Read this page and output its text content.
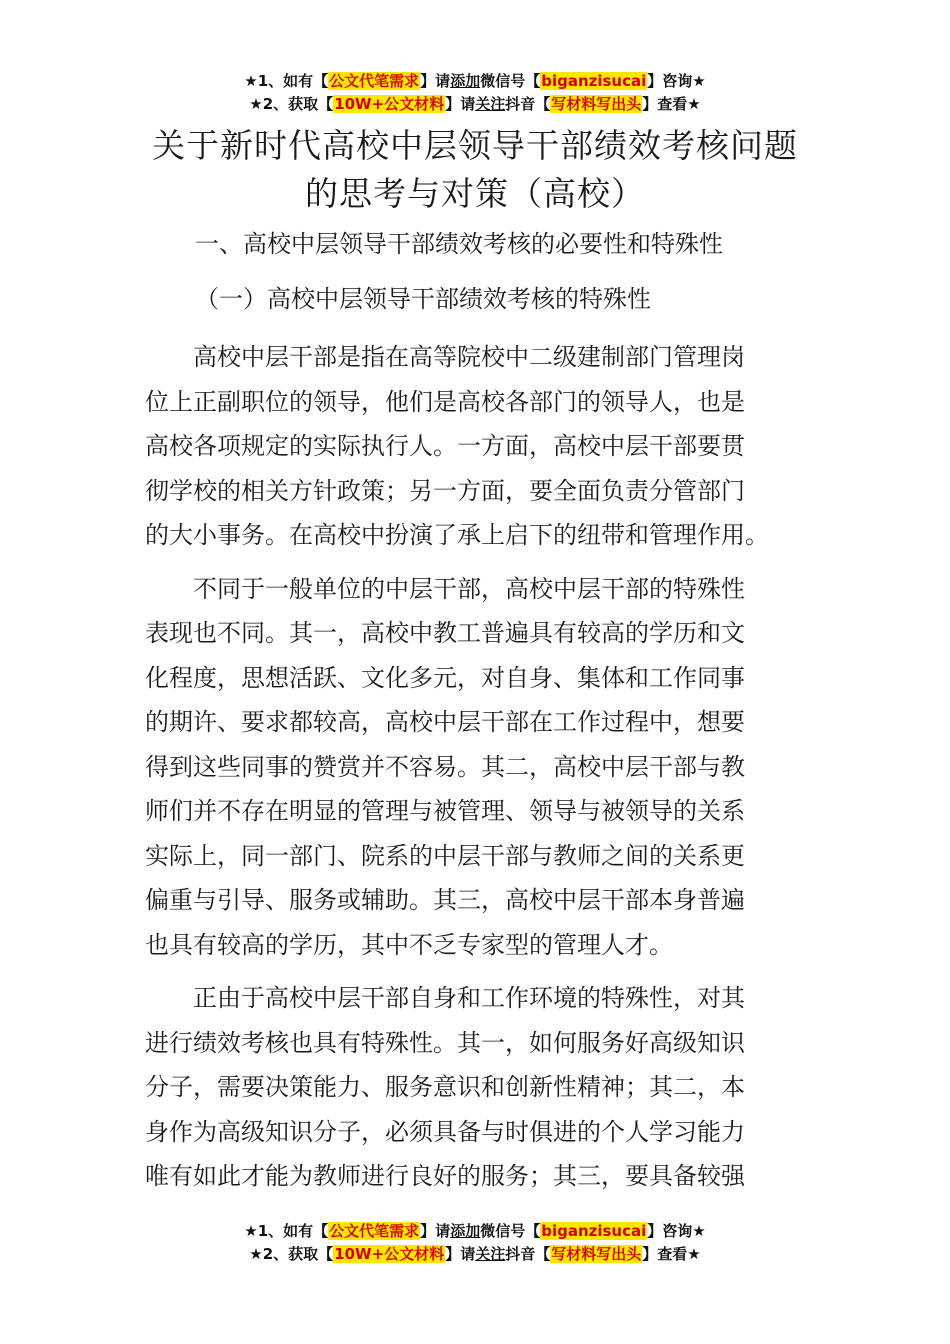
★1、如有【公文代笔需求】请添加微信号【biganzisucai】咨询★
★2、获取【10W+公文材料】请关注抖音【写材料写出头】查看★
关于新时代高校中层领导干部绩效考核问题
的思考与对策（高校）
一、高校中层领导干部绩效考核的必要性和特殊性
（一）高校中层领导干部绩效考核的特殊性
　　高校中层干部是指在高等院校中二级建制部门管理岗
位上正副职位的领导，他们是高校各部门的领导人，也是
高校各项规定的实际执行人。一方面，高校中层干部要贯
彻学校的相关方针政策；另一方面，要全面负责分管部门
的大小事务。在高校中扮演了承上启下的纽带和管理作用。
　　不同于一般单位的中层干部，高校中层干部的特殊性
表现也不同。其一，高校中教工普遍具有较高的学历和文
化程度，思想活跃、文化多元，对自身、集体和工作同事
的期许、要求都较高，高校中层干部在工作过程中，想要
得到这些同事的赞赏并不容易。其二，高校中层干部与教
师们并不存在明显的管理与被管理、领导与被领导的关系
实际上，同一部门、院系的中层干部与教师之间的关系更
偏重与引导、服务或辅助。其三，高校中层干部本身普遍
也具有较高的学历，其中不乏专家型的管理人才。
　　正由于高校中层干部自身和工作环境的特殊性，对其
进行绩效考核也具有特殊性。其一，如何服务好高级知识
分子，需要决策能力、服务意识和创新性精神；其二，本
身作为高级知识分子，必须具备与时俱进的个人学习能力
唯有如此才能为教师进行良好的服务；其三，要具备较强
★1、如有【公文代笔需求】请添加微信号【biganzisucai】咨询★
★2、获取【10W+公文材料】请关注抖音【写材料写出头】查看★
